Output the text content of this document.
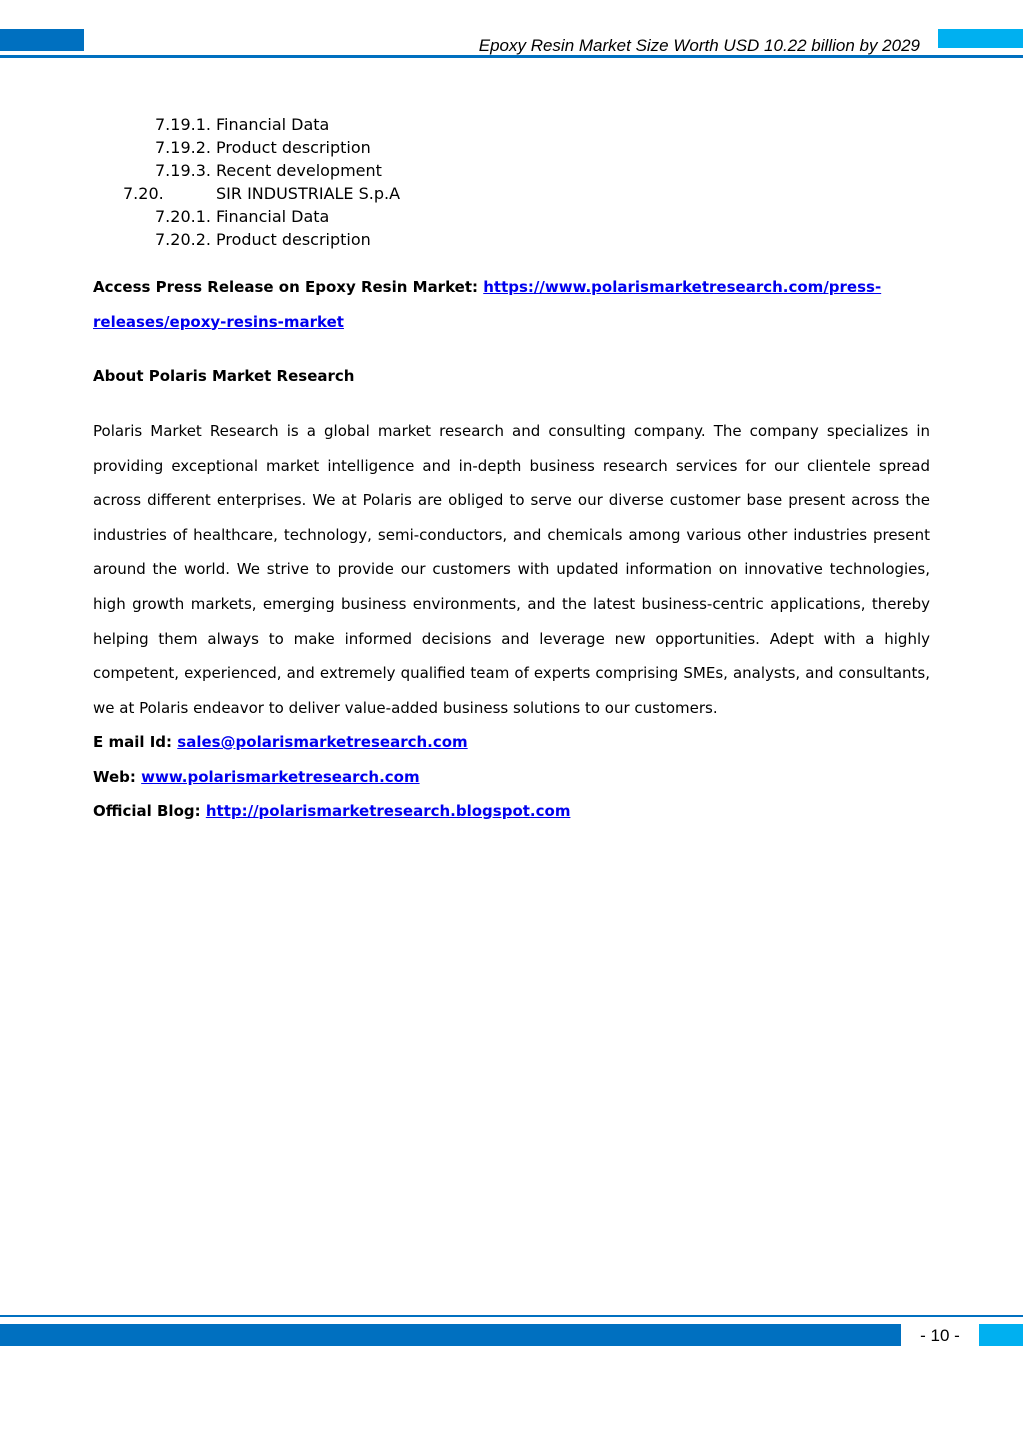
Epoxy Resin Market Size Worth USD 10.22 billion by 2029
7.19.1. Financial Data
7.19.2. Product description
7.19.3. Recent development
7.20.	SIR INDUSTRIALE S.p.A
7.20.1. Financial Data
7.20.2. Product description
Access Press Release on Epoxy Resin Market: https://www.polarismarketresearch.com/press-
releases/epoxy-resins-market
About Polaris Market Research
Polaris Market Research is a global market research and consulting company. The company specializes in providing exceptional market intelligence and in-depth business research services for our clientele spread across different enterprises. We at Polaris are obliged to serve our diverse customer base present across the industries of healthcare, technology, semi-conductors, and chemicals among various other industries present around the world. We strive to provide our customers with updated information on innovative technologies, high growth markets, emerging business environments, and the latest business-centric applications, thereby helping them always to make informed decisions and leverage new opportunities. Adept with a highly competent, experienced, and extremely qualified team of experts comprising SMEs, analysts, and consultants, we at Polaris endeavor to deliver value-added business solutions to our customers.
E mail Id: sales@polarismarketresearch.com
Web: www.polarismarketresearch.com
Official Blog: http://polarismarketresearch.blogspot.com
- 10 -
